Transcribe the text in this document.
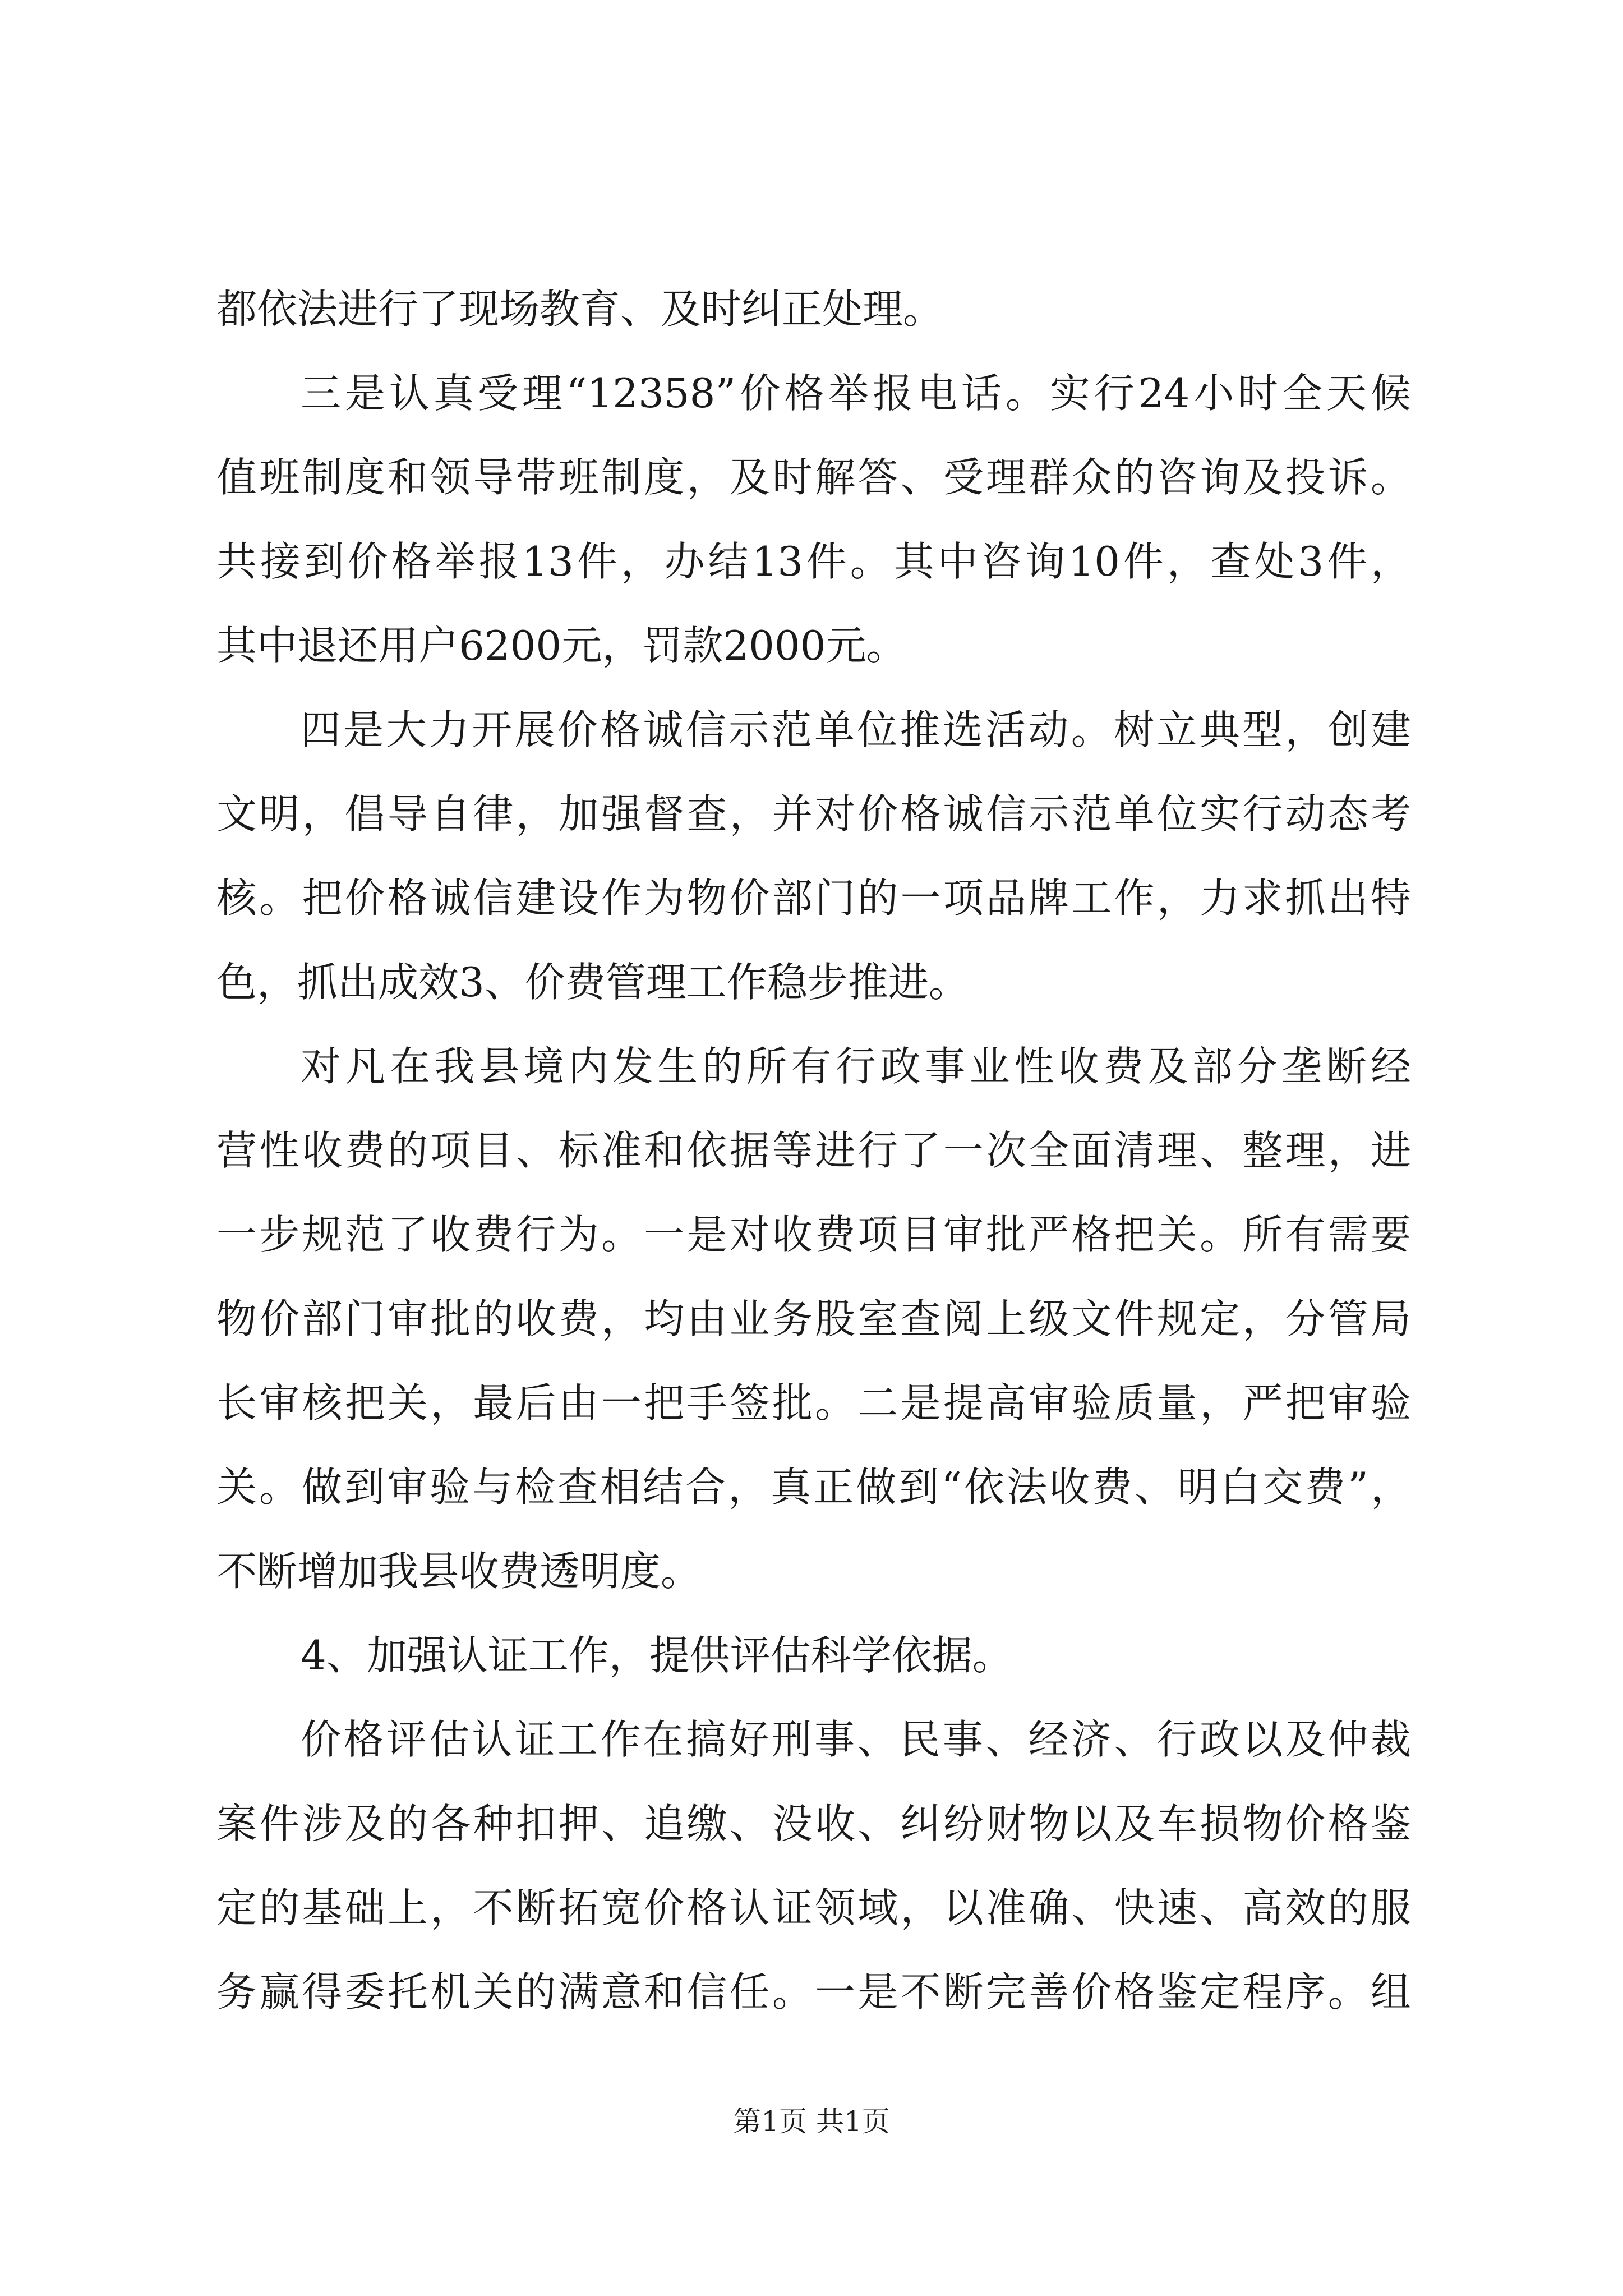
都依法进行了现场教育、及时纠正处理。
三是认真受理“12358”价格举报电话。实行24小时全天候
值班制度和领导带班制度，及时解答、受理群众的咨询及投诉。
共接到价格举报13件，办结13件。其中咨询10件，查处3件，
其中退还用户6200元，罚款2000元。
四是大力开展价格诚信示范单位推选活动。树立典型，创建
文明，倡导自律，加强督查，并对价格诚信示范单位实行动态考
核。把价格诚信建设作为物价部门的一项品牌工作，力求抓出特
色，抓出成效3、价费管理工作稳步推进。
对凡在我县境内发生的所有行政事业性收费及部分垄断经
营性收费的项目、标准和依据等进行了一次全面清理、整理，进
一步规范了收费行为。一是对收费项目审批严格把关。所有需要
物价部门审批的收费，均由业务股室查阅上级文件规定，分管局
长审核把关，最后由一把手签批。二是提高审验质量，严把审验
关。做到审验与检查相结合，真正做到“依法收费、明白交费”，
不断增加我县收费透明度。
4、加强认证工作，提供评估科学依据。
价格评估认证工作在搞好刑事、民事、经济、行政以及仲裁
案件涉及的各种扣押、追缴、没收、纠纷财物以及车损物价格鉴
定的基础上，不断拓宽价格认证领域，以准确、快速、高效的服
务赢得委托机关的满意和信任。一是不断完善价格鉴定程序。组
第1页 共1页
